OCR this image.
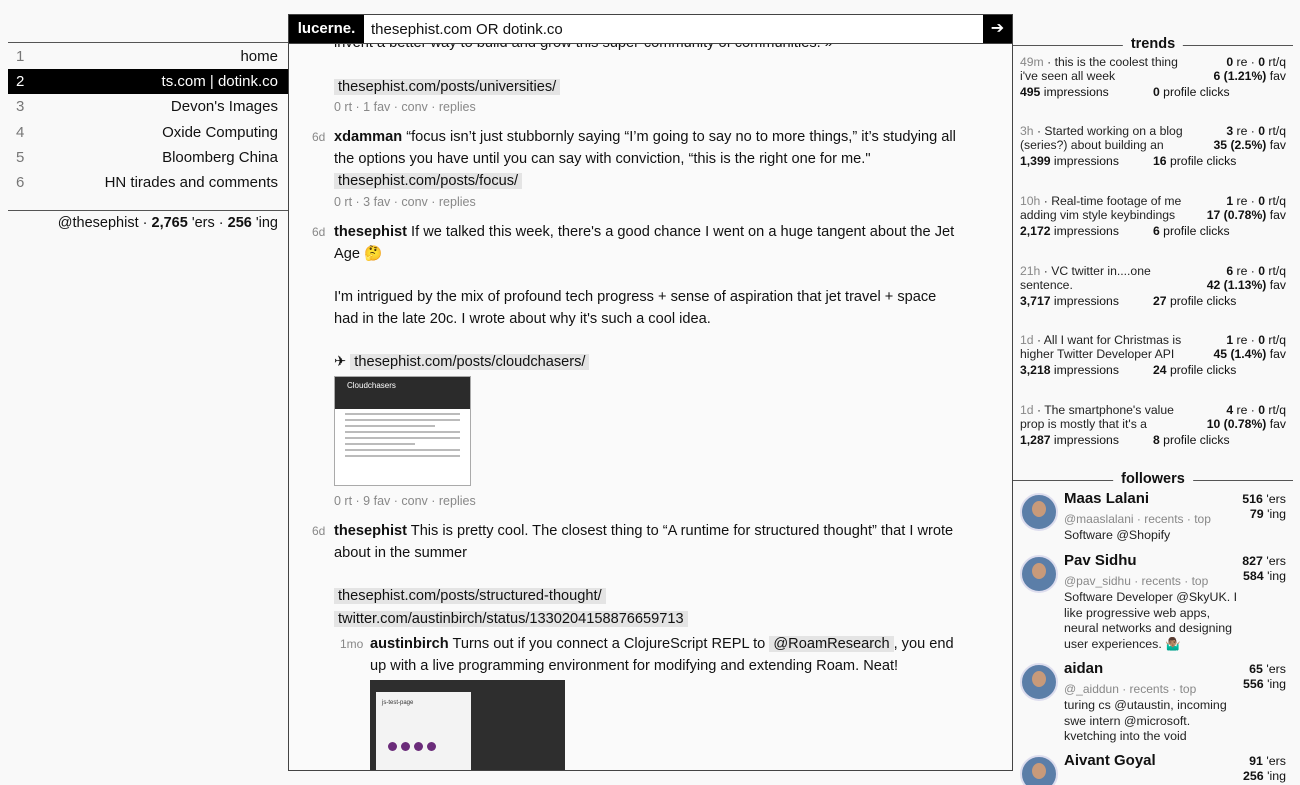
1	home
2	ts.com | dotink.co
3	Devon's Images
4	Oxide Computing
5	Bloomberg China
6	HN tirades and comments
@thesephist · 2,765 'ers · 256 'ing
lucerne.
thesephist.com OR dotink.co	➔
thesephist.com/posts/universities/
0 rt · 1 fav · conv · replies
6d xdamman “focus isn’t just stubbornly saying “I’m going to say no to more things,” it’s studying all
the options you have until you can say with conviction, “this is the right one for me."
thesephist.com/posts/focus/
0 rt · 3 fav · conv · replies
6d thesephist If we talked this week, there's a good chance I went on a huge tangent about the Jet
Age 🤔
I'm intrigued by the mix of profound tech progress + sense of aspiration that jet travel + space
had in the late 20c. I wrote about why it's such a cool idea.
✈ thesephist.com/posts/cloudchasers/
Cloudchasers
0 rt · 9 fav · conv · replies
6d thesephist This is pretty cool. The closest thing to “A runtime for structured thought” that I wrote
about in the summer
thesephist.com/posts/structured-thought/
twitter.com/austinbirch/status/1330204158876659713
1mo austinbirch Turns out if you connect a ClojureScript REPL to @RoamResearch , you end
up with a live programming environment for modifying and extending Roam. Neat!
js-test-page
trends
49m · this is the coolest thing i've seen all week
0 re · 0 rt/q
6 (1.21%) fav
495 impressions	0 profile clicks
3h · Started working on a blog (series?) about building an
3 re · 0 rt/q
35 (2.5%) fav
1,399 impressions	16 profile clicks
10h · Real-time footage of me adding vim style keybindings
1 re · 0 rt/q
17 (0.78%) fav
2,172 impressions	6 profile clicks
21h · VC twitter in....one sentence.
6 re · 0 rt/q
42 (1.13%) fav
3,717 impressions	27 profile clicks
1d · All I want for Christmas is higher Twitter Developer API
1 re · 0 rt/q
45 (1.4%) fav
3,218 impressions	24 profile clicks
1d · The smartphone's value prop is mostly that it's a
4 re · 0 rt/q
10 (0.78%) fav
1,287 impressions	8 profile clicks
followers
Maas Lalani
@maaslalani · recents · top
Software @Shopify
516 'ers
79 'ing
Pav Sidhu
@pav_sidhu · recents · top
Software Developer @SkyUK. I like progressive web apps, neural networks and designing user experiences. 🤷🏽‍♂️
827 'ers
584 'ing
aidan
@_aiddun · recents · top
turing cs @utaustin, incoming swe intern @microsoft. kvetching into the void
65 'ers
556 'ing
Aivant Goyal	91 'ers
256 'ing
